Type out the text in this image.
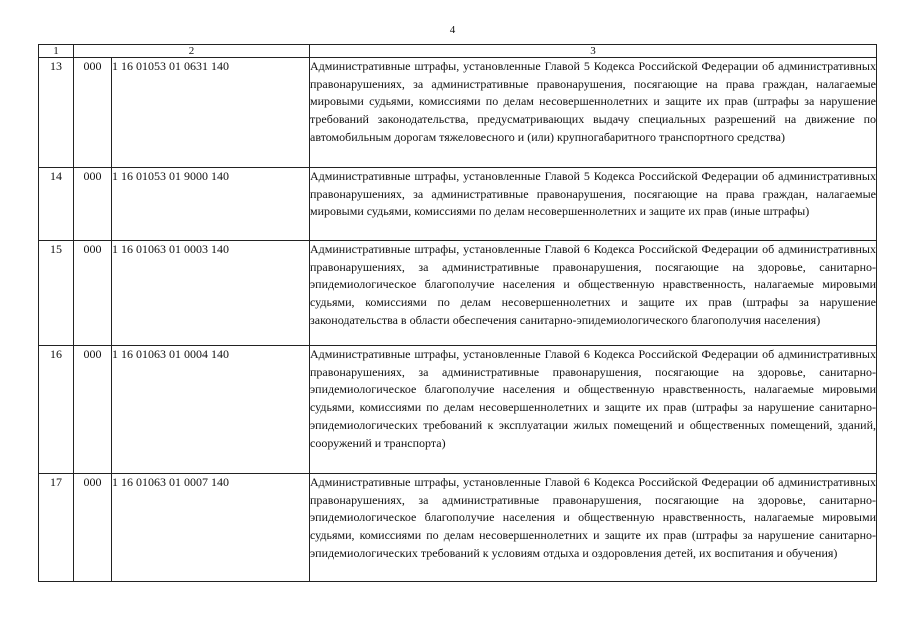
4
1	2		3
13	000	1 16 01053 01 0631 140	Административные штрафы, установленные Главой 5 Кодекса Российской Федерации об административных правонарушениях, за административные правонарушения, посягающие на права граждан, налагаемые мировыми судьями, комиссиями по делам несовершеннолетних и защите их прав (штрафы за нарушение требований законодательства, предусматривающих выдачу специальных разрешений на движение по автомобильным дорогам тяжеловесного и (или) крупногабаритного транспортного средства)
14	000	1 16 01053 01 9000 140	Административные штрафы, установленные Главой 5 Кодекса Российской Федерации об административных правонарушениях, за административные правонарушения, посягающие на права граждан, налагаемые мировыми судьями, комиссиями по делам несовершеннолетних и защите их прав (иные штрафы)
15	000	1 16 01063 01 0003 140	Административные штрафы, установленные Главой 6 Кодекса Российской Федерации об административных правонарушениях, за административные правонарушения, посягающие на здоровье, санитарно-эпидемиологическое благополучие населения и общественную нравственность, налагаемые мировыми судьями, комиссиями по делам несовершеннолетних и защите их прав (штрафы за нарушение законодательства в области обеспечения санитарно-эпидемиологического благополучия населения)
16	000	1 16 01063 01 0004 140	Административные штрафы, установленные Главой 6 Кодекса Российской Федерации об административных правонарушениях, за административные правонарушения, посягающие на здоровье, санитарно-эпидемиологическое благополучие населения и общественную нравственность, налагаемые мировыми судьями, комиссиями по делам несовершеннолетних и защите их прав (штрафы за нарушение санитарно-эпидемиологических требований к эксплуатации жилых помещений и общественных помещений, зданий, сооружений и транспорта)
17	000	1 16 01063 01 0007 140	Административные штрафы, установленные Главой 6 Кодекса Российской Федерации об административных правонарушениях, за административные правонарушения, посягающие на здоровье, санитарно-эпидемиологическое благополучие населения и общественную нравственность, налагаемые мировыми судьями, комиссиями по делам несовершеннолетних и защите их прав (штрафы за нарушение санитарно-эпидемиологических требований к условиям отдыха и оздоровления детей, их воспитания и обучения)
